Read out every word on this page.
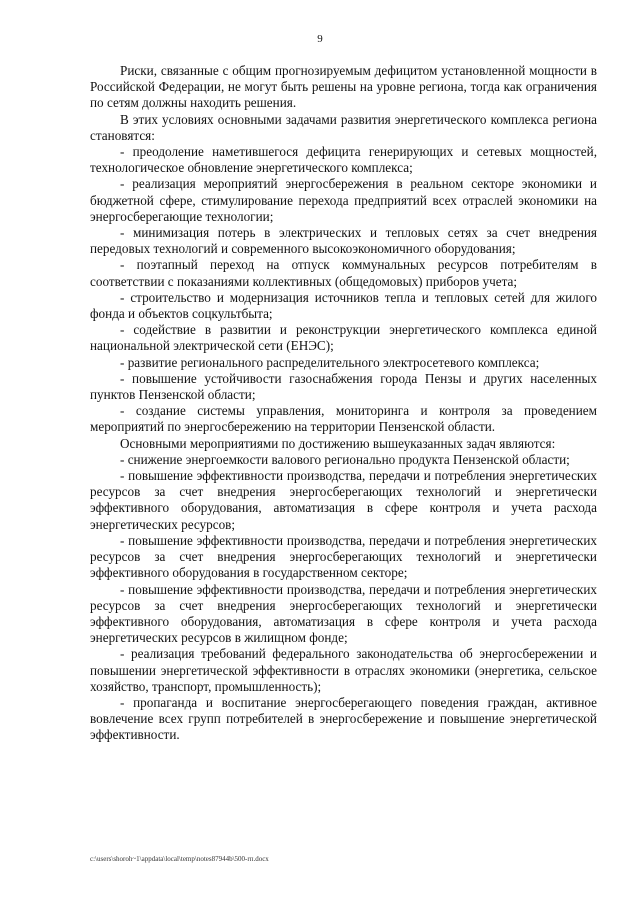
9

Риски, связанные с общим прогнозируемым дефицитом установленной мощности в Российской Федерации, не могут быть решены на уровне региона, тогда как ограничения по сетям должны находить решения.

В этих условиях основными задачами развития энергетического комплекса региона становятся:

- преодоление наметившегося дефицита генерирующих и сетевых мощностей, технологическое обновление энергетического комплекса;

- реализация мероприятий энергосбережения в реальном секторе экономики и бюджетной сфере, стимулирование перехода предприятий всех отраслей экономики на энергосберегающие технологии;

- минимизация потерь в электрических и тепловых сетях за счет внедрения передовых технологий и современного высокоэкономичного оборудования;

- поэтапный переход на отпуск коммунальных ресурсов потребителям в соответствии с показаниями коллективных (общедомовых) приборов учета;

- строительство и модернизация источников тепла и тепловых сетей для жилого фонда и объектов соцкультбыта;

- содействие в развитии и реконструкции энергетического комплекса единой национальной электрической сети (ЕНЭС);

- развитие регионального распределительного электросетевого комплекса;

- повышение устойчивости газоснабжения города Пензы и других населенных пунктов Пензенской области;

- создание системы управления, мониторинга и контроля за проведением мероприятий по энергосбережению на территории Пензенской области.

Основными мероприятиями по достижению вышеуказанных задач являются:

- снижение энергоемкости валового регионально продукта Пензенской области;

- повышение эффективности производства, передачи и потребления энергетических ресурсов за счет внедрения энергосберегающих технологий и энергетически эффективного оборудования, автоматизация в сфере контроля и учета расхода энергетических ресурсов;

- повышение эффективности производства, передачи и потребления энергетических ресурсов за счет внедрения энергосберегающих технологий и энергетически эффективного оборудования в государственном секторе;

- повышение эффективности производства, передачи и потребления энергетических ресурсов за счет внедрения энергосберегающих технологий и энергетически эффективного оборудования, автоматизация в сфере контроля и учета расхода энергетических ресурсов в жилищном фонде;

- реализация требований федерального законодательства об энергосбережении и повышении энергетической эффективности в отраслях экономики (энергетика, сельское хозяйство, транспорт, промышленность);

- пропаганда и воспитание энергосберегающего поведения граждан, активное вовлечение всех групп потребителей в энергосбережение и повышение энергетической эффективности.

c:\users\shoroh~1\appdata\local\temp\notes87944b\500-rп.docx
